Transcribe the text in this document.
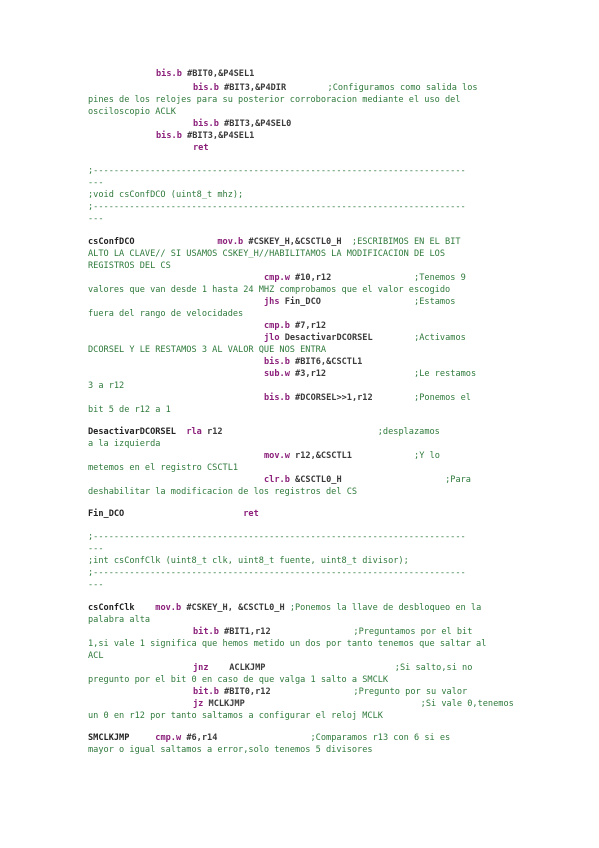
bis.b #BIT0,&P4SEL1
bis.b #BIT3,&P4DIR        ;Configuramos como salida los
pines de los relojes para su posterior corroboracion mediante el uso del
osciloscopio ACLK
bis.b #BIT3,&P4SEL0
bis.b #BIT3,&P4SEL1
ret
;------------------------------------------------------------------------
---
;void csConfDCO (uint8_t mhz);
;------------------------------------------------------------------------
---
csConfDCO                mov.b #CSKEY_H,&CSCTL0_H  ;ESCRIBIMOS EN EL BIT
ALTO LA CLAVE// SI USAMOS CSKEY_H//HABILITAMOS LA MODIFICACION DE LOS
REGISTROS DEL CS
cmp.w #10,r12                ;Tenemos 9
valores que van desde 1 hasta 24 MHZ comprobamos que el valor escogido
jhs Fin_DCO                  ;Estamos
fuera del rango de velocidades
cmp.b #7,r12
jlo DesactivarDCORSEL        ;Activamos
DCORSEL Y LE RESTAMOS 3 AL VALOR QUE NOS ENTRA
bis.b #BIT6,&CSCTL1
sub.w #3,r12                 ;Le restamos
3 a r12
bis.b #DCORSEL>>1,r12        ;Ponemos el
bit 5 de r12 a 1
DesactivarDCORSEL  rla r12                              ;desplazamos
a la izquierda
mov.w r12,&CSCTL1            ;Y lo
metemos en el registro CSCTL1
clr.b &CSCTL0_H                    ;Para
deshabilitar la modificacion de los registros del CS
Fin_DCO                       ret
;------------------------------------------------------------------------
---
;int csConfClk (uint8_t clk, uint8_t fuente, uint8_t divisor);
;------------------------------------------------------------------------
---
csConfClk    mov.b #CSKEY_H, &CSCTL0_H ;Ponemos la llave de desbloqueo en la
palabra alta
bit.b #BIT1,r12                ;Preguntamos por el bit
1,si vale 1 significa que hemos metido un dos por tanto tenemos que saltar al
ACL
jnz    ACLKJMP                         ;Si salto,si no
pregunto por el bit 0 en caso de que valga 1 salto a SMCLK
bit.b #BIT0,r12                ;Pregunto por su valor
jz MCLKJMP                                  ;Si vale 0,tenemos
un 0 en r12 por tanto saltamos a configurar el reloj MCLK
SMCLKJMP     cmp.w #6,r14                  ;Comparamos r13 con 6 si es
mayor o igual saltamos a error,solo tenemos 5 divisores
